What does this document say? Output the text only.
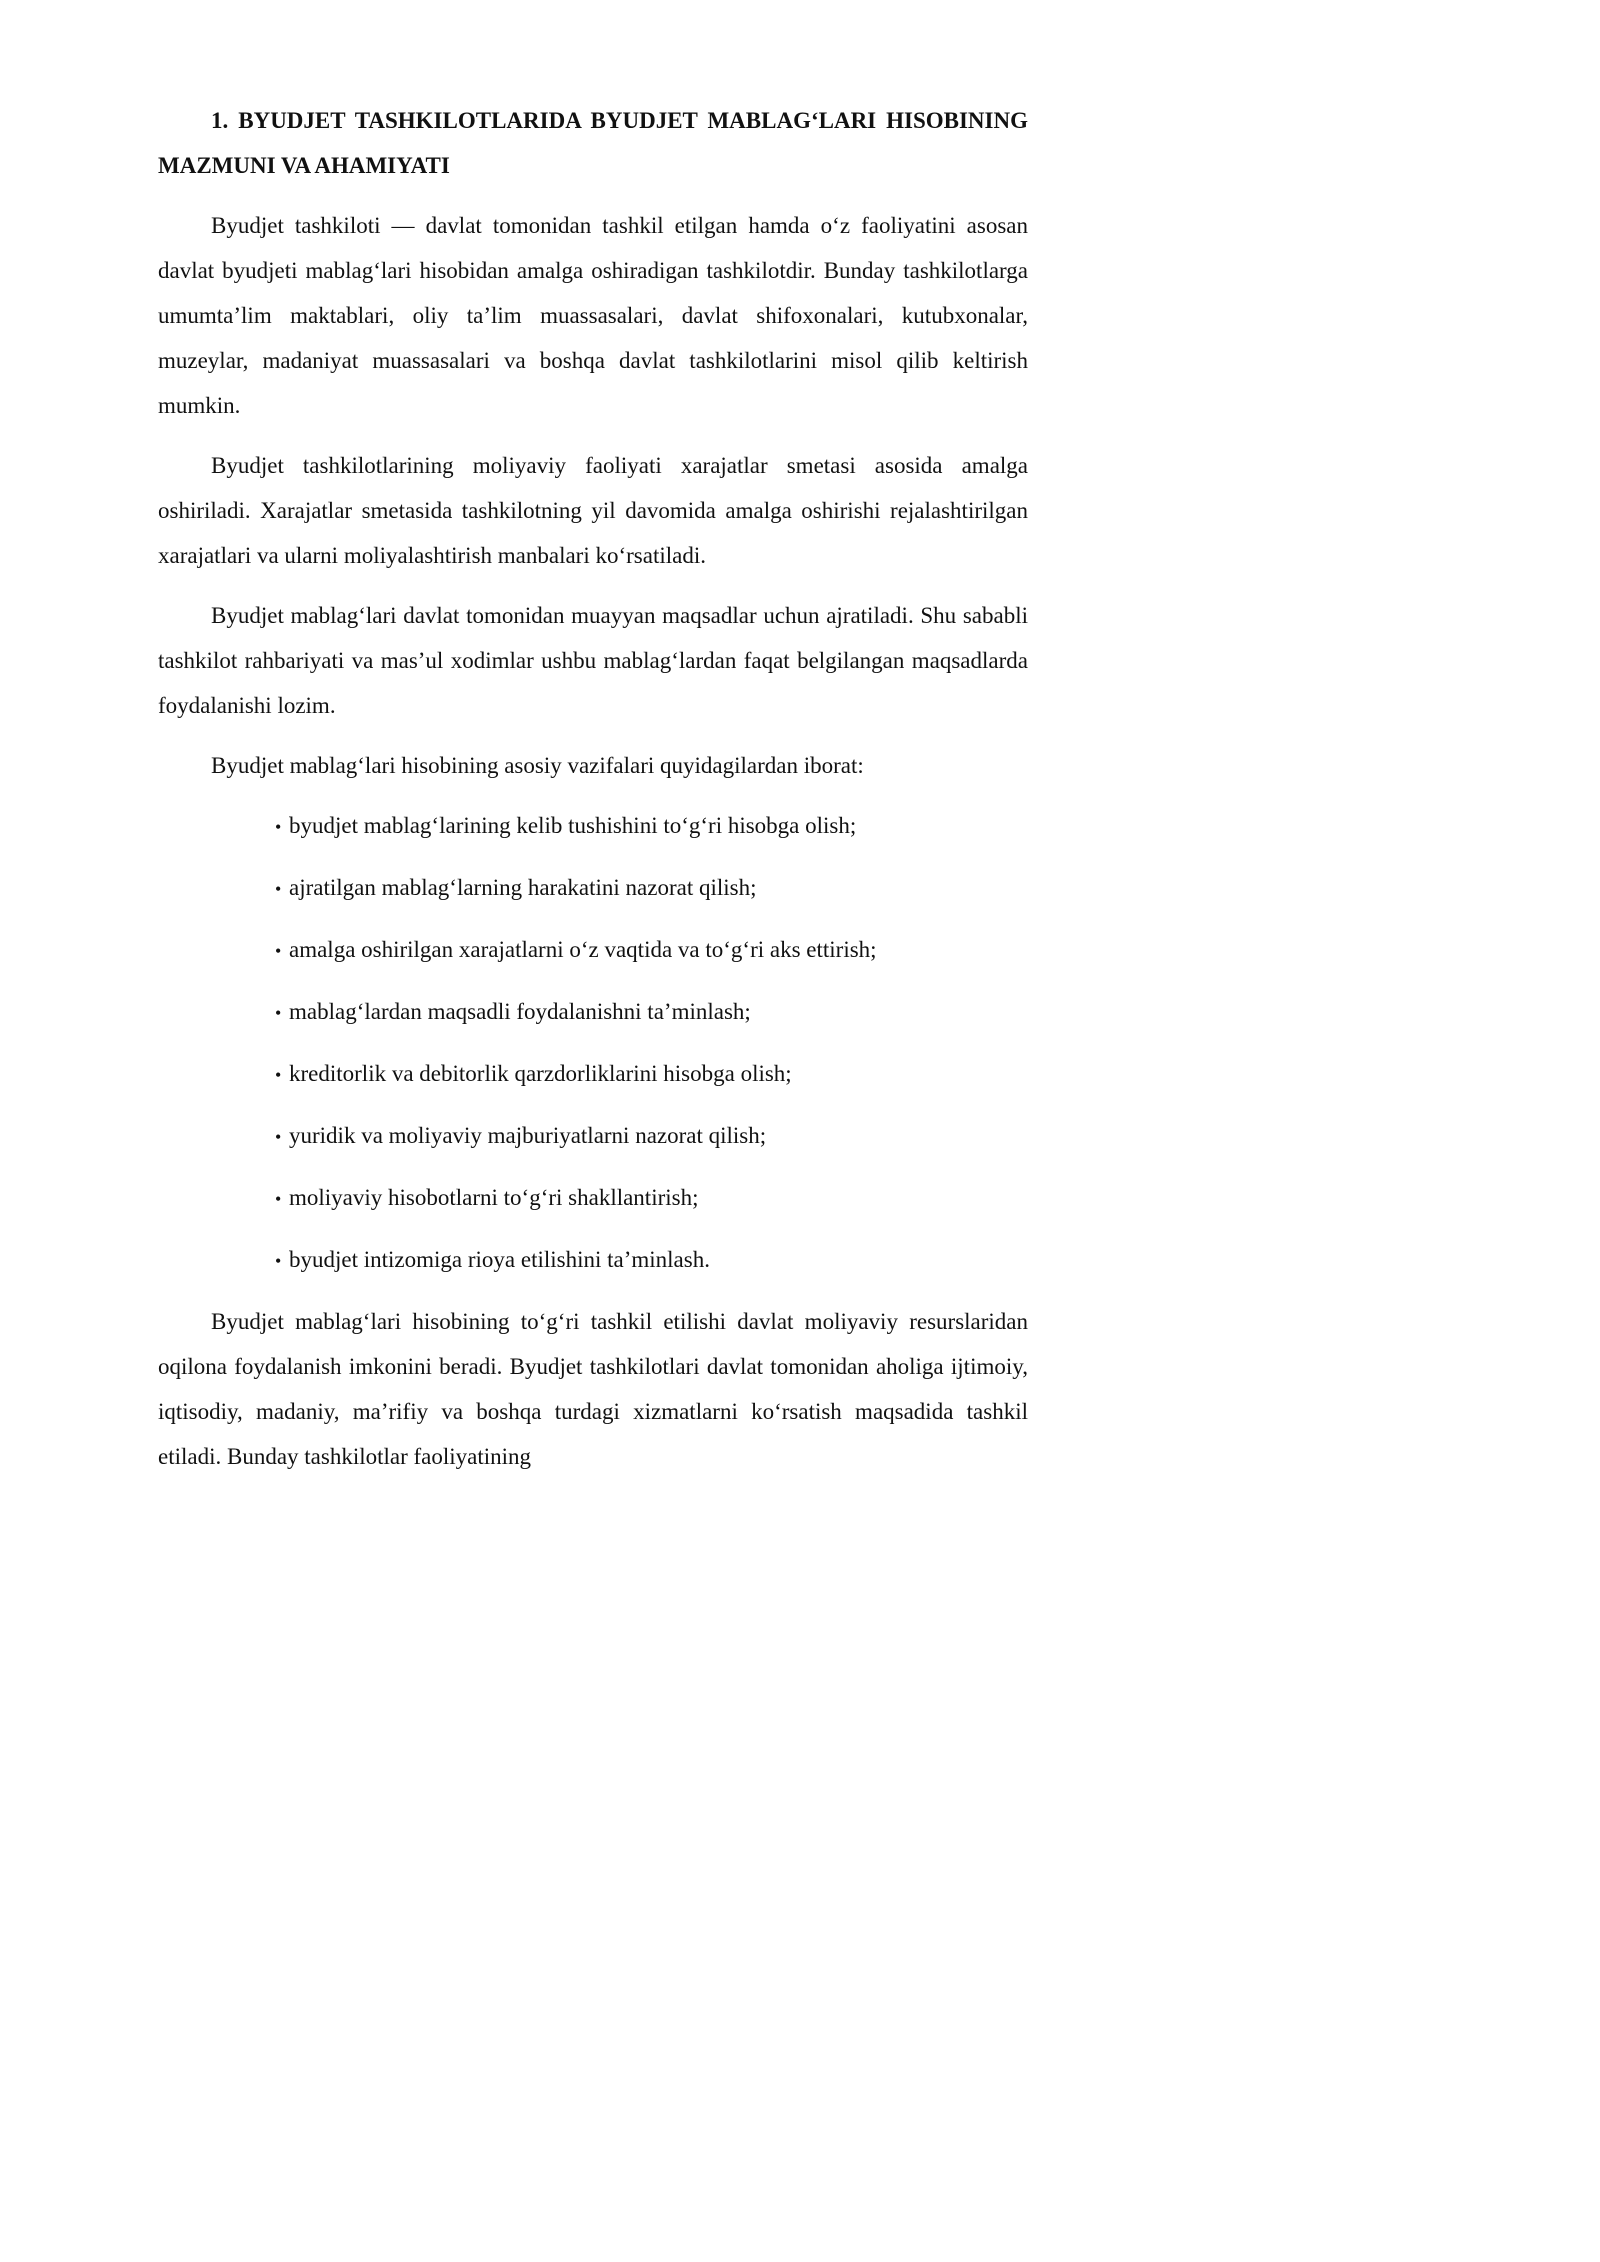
1. BYUDJET TASHKILOTLARIDA BYUDJET MABLAG‘LARI HISOBINING MAZMUNI VA AHAMIYATI

Byudjet tashkiloti — davlat tomonidan tashkil etilgan hamda o‘z faoliyatini asosan davlat byudjeti mablag‘lari hisobidan amalga oshiradigan tashkilotdir. Bunday tashkilotlarga umumta’lim maktablari, oliy ta’lim muassasalari, davlat shifoxonalari, kutubxonalar, muzeylar, madaniyat muassasalari va boshqa davlat tashkilotlarini misol qilib keltirish mumkin.

Byudjet tashkilotlarining moliyaviy faoliyati xarajatlar smetasi asosida amalga oshiriladi. Xarajatlar smetasida tashkilotning yil davomida amalga oshirishi rejalashtirilgan xarajatlari va ularni moliyalashtirish manbalari ko‘rsatiladi.

Byudjet mablag‘lari davlat tomonidan muayyan maqsadlar uchun ajratiladi. Shu sababli tashkilot rahbariyati va mas’ul xodimlar ushbu mablag‘lardan faqat belgilangan maqsadlarda foydalanishi lozim.

Byudjet mablag‘lari hisobining asosiy vazifalari quyidagilardan iborat:

• byudjet mablag‘larining kelib tushishini to‘g‘ri hisobga olish;
• ajratilgan mablag‘larning harakatini nazorat qilish;
• amalga oshirilgan xarajatlarni o‘z vaqtida va to‘g‘ri aks ettirish;
• mablag‘lardan maqsadli foydalanishni ta’minlash;
• kreditorlik va debitorlik qarzdorliklarini hisobga olish;
• yuridik va moliyaviy majburiyatlarni nazorat qilish;
• moliyaviy hisobotlarni to‘g‘ri shakllantirish;
• byudjet intizomiga rioya etilishini ta’minlash.

Byudjet mablag‘lari hisobining to‘g‘ri tashkil etilishi davlat moliyaviy resurslaridan oqilona foydalanish imkonini beradi. Byudjet tashkilotlari davlat tomonidan aholiga ijtimoiy, iqtisodiy, madaniy, ma’rifiy va boshqa turdagi xizmatlarni ko‘rsatish maqsadida tashkil etiladi. Bunday tashkilotlar faoliyatining
